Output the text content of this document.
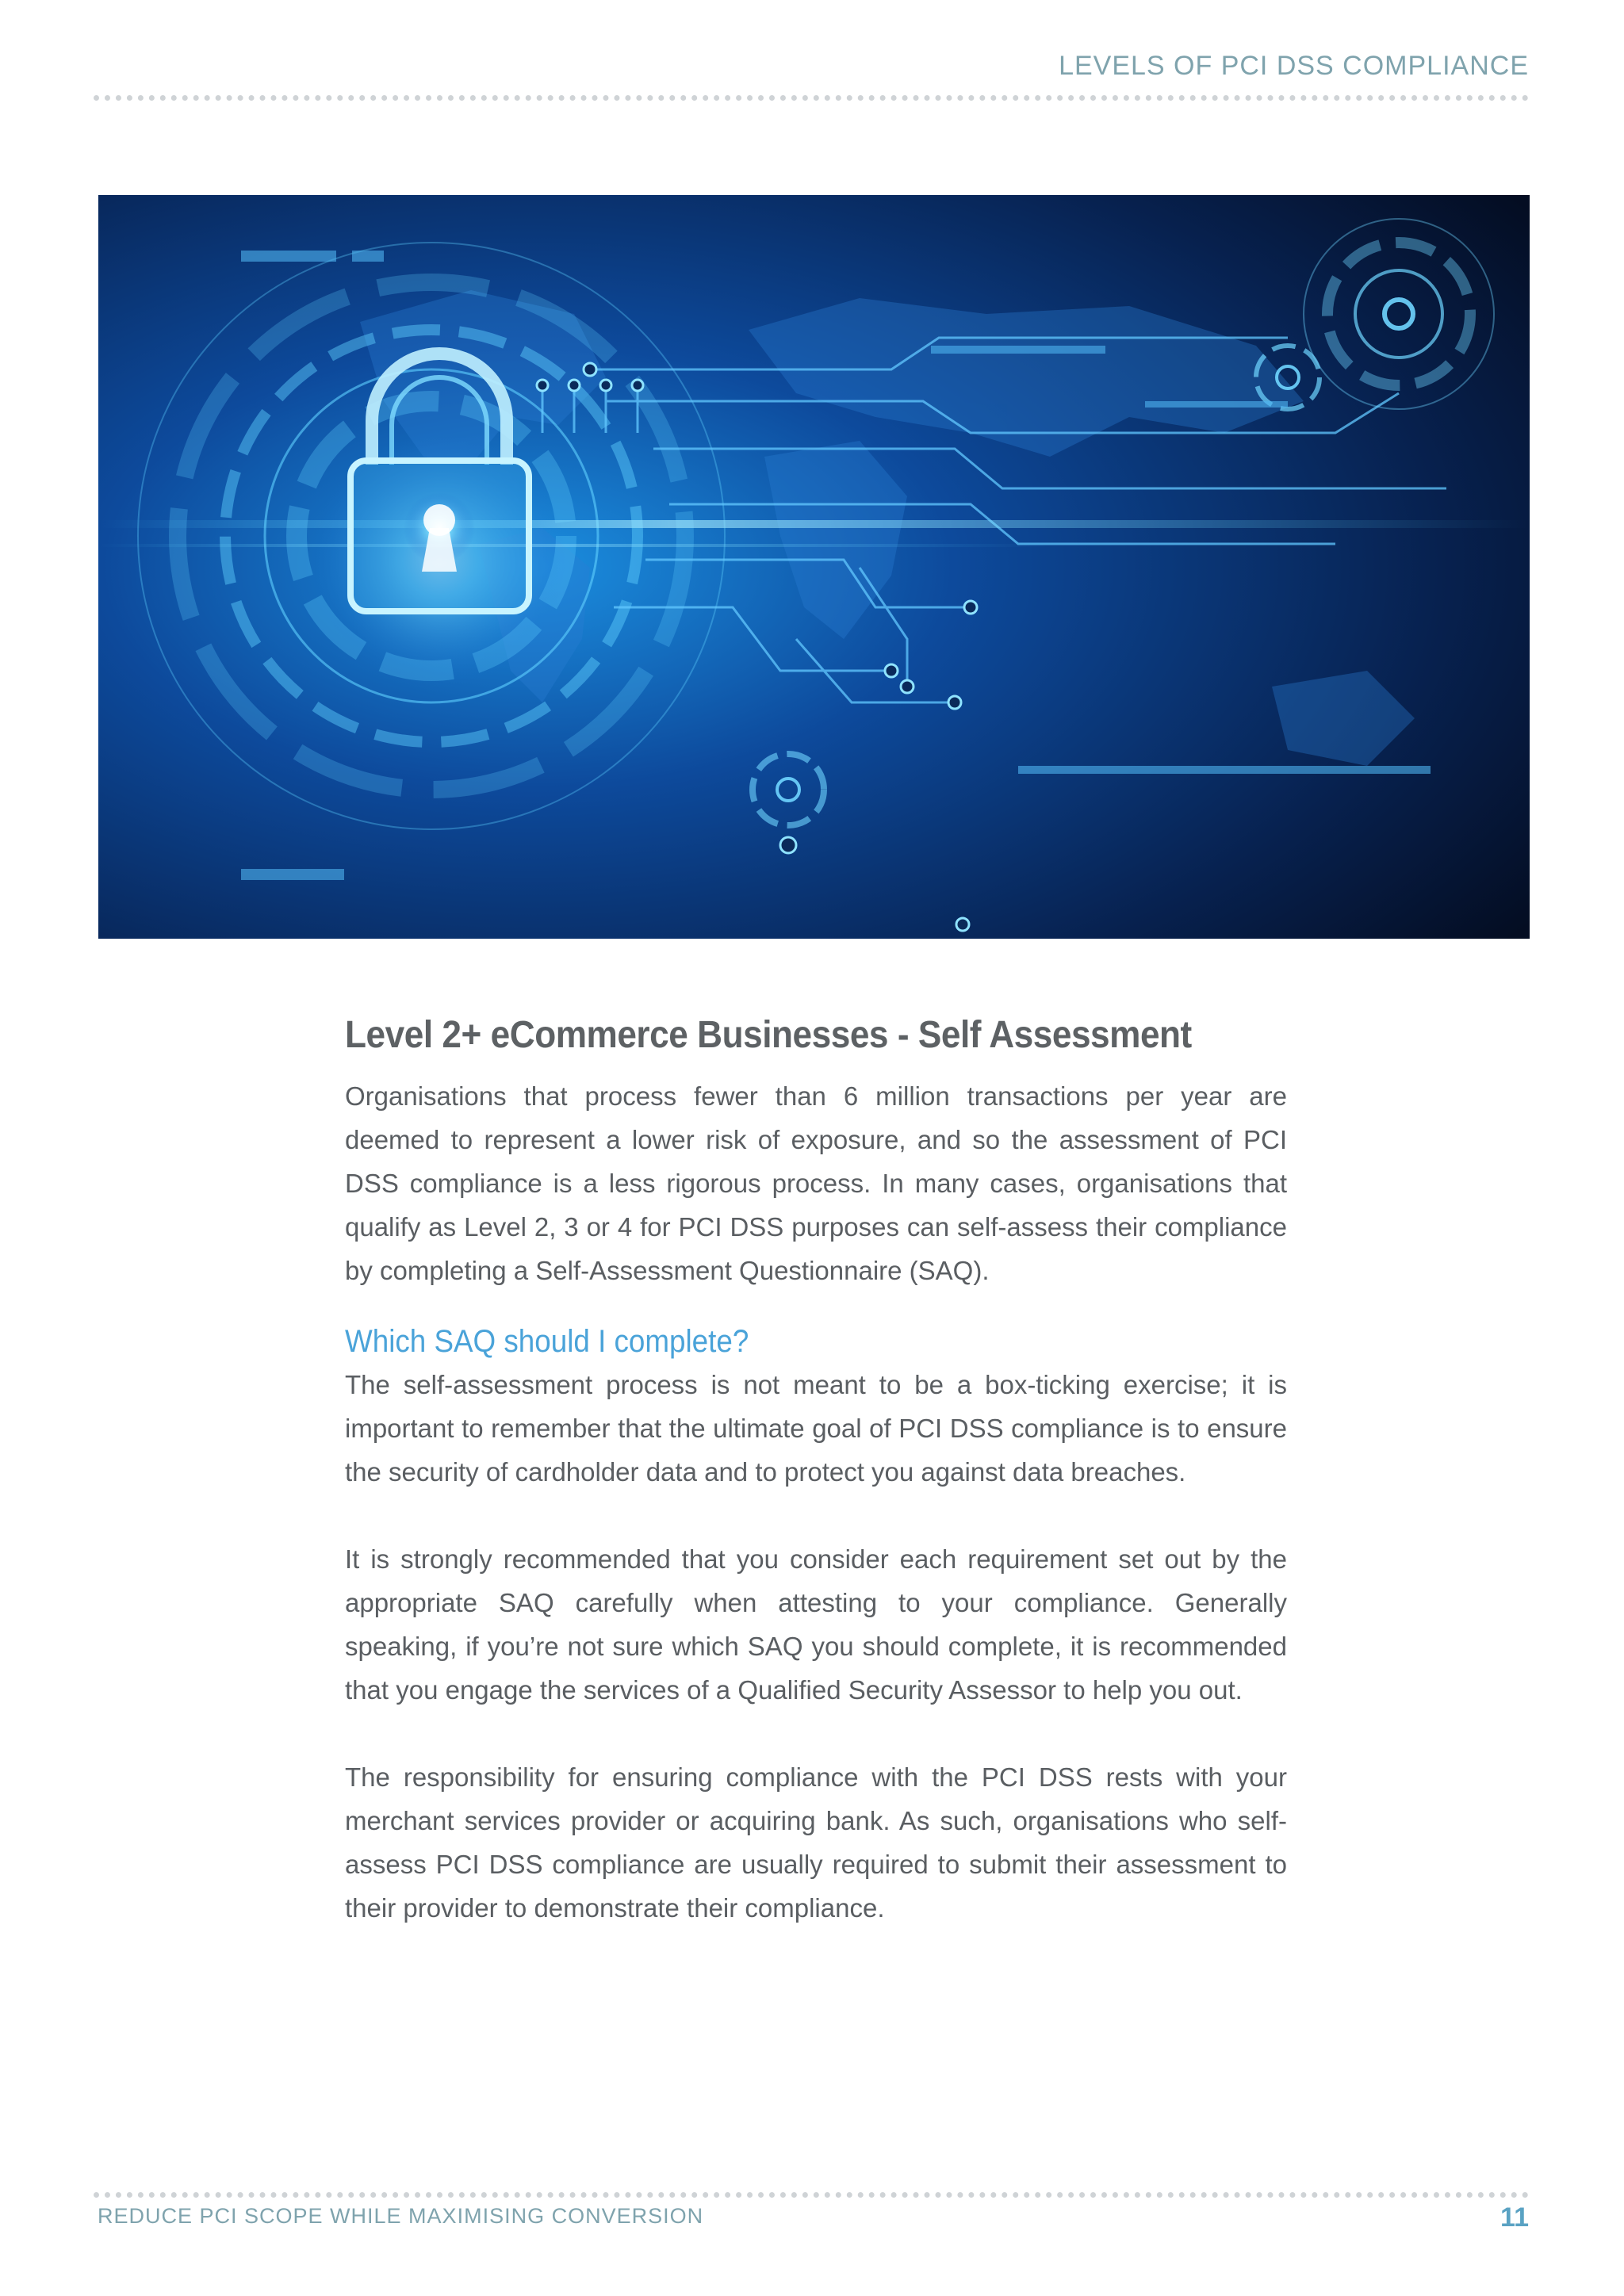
LEVELS OF PCI DSS COMPLIANCE
Level 2+ eCommerce Businesses - Self Assessment

Organisations that process fewer than 6 million transactions per year are deemed to represent a lower risk of exposure, and so the assessment of PCI DSS compliance is a less rigorous process. In many cases, organisations that qualify as Level 2, 3 or 4 for PCI DSS purposes can self-assess their compliance by completing a Self-Assessment Questionnaire (SAQ).

Which SAQ should I complete?

The self-assessment process is not meant to be a box-ticking exercise; it is important to remember that the ultimate goal of PCI DSS compliance is to ensure the security of cardholder data and to protect you against data breaches.

It is strongly recommended that you consider each requirement set out by the appropriate SAQ carefully when attesting to your compliance. Generally speaking, if you’re not sure which SAQ you should complete, it is recommended that you engage the services of a Qualified Security Assessor to help you out.

The responsibility for ensuring compliance with the PCI DSS rests with your merchant services provider or acquiring bank. As such, organisations who self-assess PCI DSS compliance are usually required to submit their assessment to their provider to demonstrate their compliance.

REDUCE PCI SCOPE WHILE MAXIMISING CONVERSION	11
